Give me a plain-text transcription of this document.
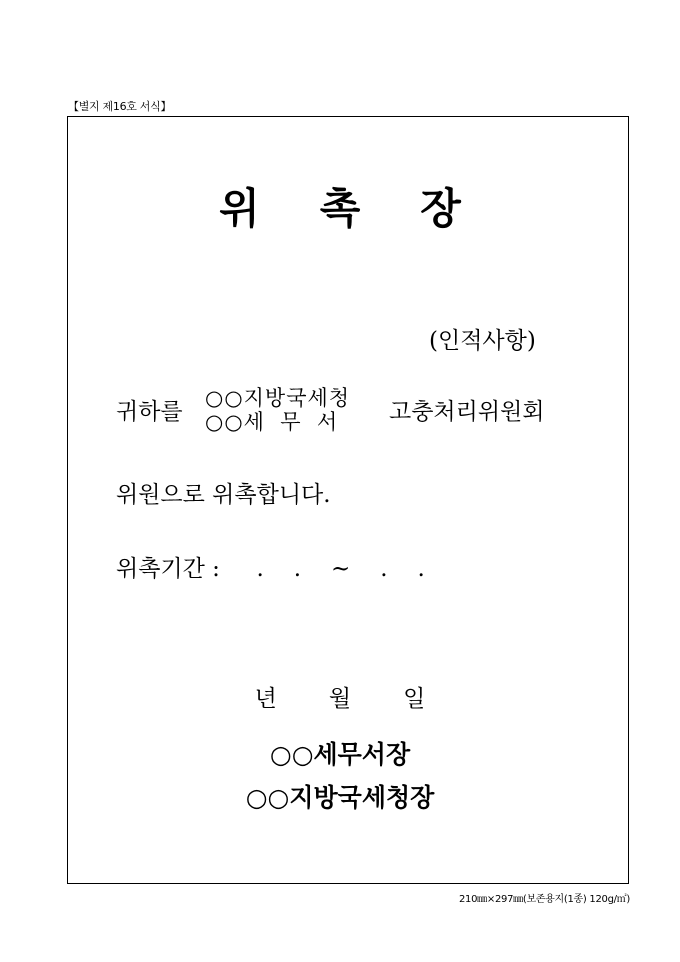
【별지 제16호 서식】
위 촉 장
(인적사항)
귀하를
○○지방국세청
○○세  무  서	고충처리위원회
위원으로 위촉합니다.
위촉기간 : .   .   ~   .   .
년 월 일
○○세무서장
○○지방국세청장
210㎜×297㎜(보존용지(1종) 120g/㎡)
